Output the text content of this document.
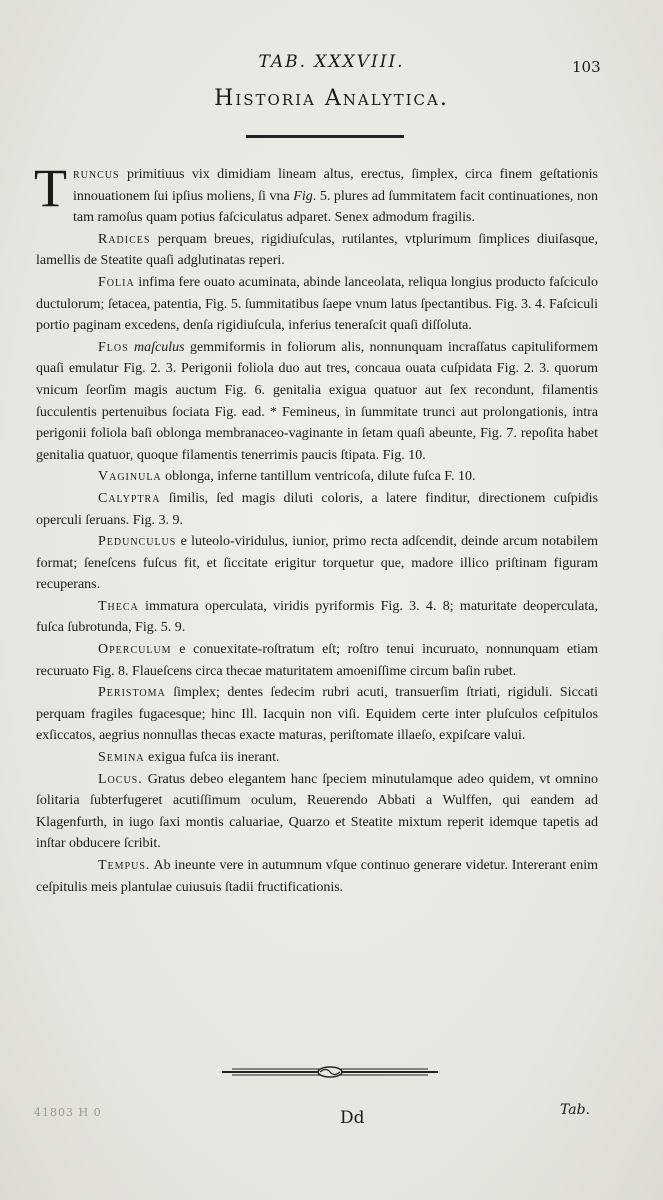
TAB. XXXVIII.	103
Historia Analytica.

Truncus primitiuus vix dimidiam lineam altus, erectus, ſimplex, circa finem geſtationis innouationem ſui ipſius moliens, ſi vna Fig. 5. plures ad ſummitatem facit continuationes, non tam ramoſus quam potius faſciculatus adparet. Senex admodum fragilis.

Radices perquam breues, rigidiuſculas, rutilantes, vtplurimum ſimplices diuiſasque, lamellis de Steatite quaſi adglutinatas reperi.

Folia infima fere ouato acuminata, abinde lanceolata, reliqua longius producto faſciculo ductulorum; ſetacea, patentia, Fig. 5. ſummitatibus ſaepe vnum latus ſpectantibus. Fig. 3. 4. Faſciculi portio paginam excedens, denſa rigidiuſcula, inferius teneraſcit quaſi diſſoluta.

Flos maſculus gemmiformis in foliorum alis, nonnunquam incraſſatus capituliformem quaſi emulatur Fig. 2. 3. Perigonii foliola duo aut tres, concaua ouata cuſpidata Fig. 2. 3. quorum vnicum ſeorſim magis auctum Fig. 6. genitalia exigua quatuor aut ſex recondunt, filamentis ſucculentis pertenuibus ſociata Fig. ead. * Femineus, in ſummitate trunci aut prolongationis, intra perigonii foliola baſi oblonga membranaceo-vaginante in ſetam quaſi abeunte, Fig. 7. repoſita habet genitalia quatuor, quoque filamentis tenerrimis paucis ſtipata. Fig. 10.

Vaginula oblonga, inferne tantillum ventricoſa, dilute fuſca F. 10.

Calyptra ſimilis, ſed magis diluti coloris, a latere finditur, directionem cuſpidis operculi ſeruans. Fig. 3. 9.

Pedunculus e luteolo-viridulus, iunior, primo recta adſcendit, deinde arcum notabilem format; ſeneſcens fuſcus fit, et ſiccitate erigitur torquetur que, madore illico priſtinam figuram recuperans.

Theca immatura operculata, viridis pyriformis Fig. 3. 4. 8; maturitate deoperculata, fuſca ſubrotunda, Fig. 5. 9.

Operculum e conuexitate-roſtratum eſt; roſtro tenui incuruato, nonnunquam etiam recuruato Fig. 8. Flaueſcens circa thecae maturitatem amoeniſſime circum baſin rubet.

Peristoma ſimplex; dentes ſedecim rubri acuti, transuerſim ſtriati, rigiduli. Siccati perquam fragiles fugacesque; hinc Ill. Iacquin non viſi. Equidem certe inter pluſculos ceſpitulos exſiccatos, aegrius nonnullas thecas exacte maturas, periſtomate illaeſo, expiſcare valui.

Semina exigua fuſca iis inerant.

Locus. Gratus debeo elegantem hanc ſpeciem minutulamque adeo quidem, vt omnino ſolitaria ſubterfugeret acutiſſimum oculum, Reuerendo Abbati a Wulffen, qui eandem ad Klagenfurth, in iugo ſaxi montis caluariae, Quarzo et Steatite mixtum reperit idemque tapetis ad inſtar obducere ſcribit.

Tempus. Ab ineunte vere in autumnum vſque continuo generare videtur. Intererant enim ceſpitulis meis plantulae cuiusuis ſtadii fructificationis.

41803 H 0	Dd	Tab.
